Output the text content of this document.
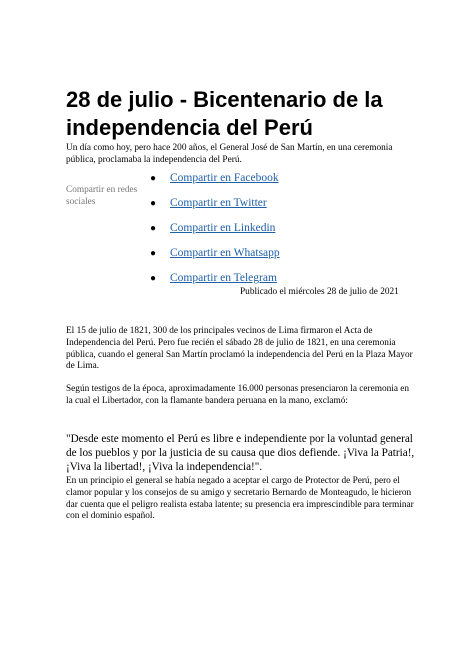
28 de julio - Bicentenario de la independencia del Perú

Un día como hoy, pero hace 200 años, el General José de San Martín, en una ceremonia pública, proclamaba la independencia del Perú.

Compartir en redes sociales

● Compartir en Facebook
● Compartir en Twitter
● Compartir en Linkedin
● Compartir en Whatsapp
● Compartir en Telegram

Publicado el miércoles 28 de julio de 2021

El 15 de julio de 1821, 300 de los principales vecinos de Lima firmaron el Acta de Independencia del Perú. Pero fue recién el sábado 28 de julio de 1821, en una ceremonia pública, cuando el general San Martín proclamó la independencia del Perú en la Plaza Mayor de Lima.

Según testigos de la época, aproximadamente 16.000 personas presenciaron la ceremonia en la cual el Libertador, con la flamante bandera peruana en la mano, exclamó:

"Desde este momento el Perú es libre e independiente por la voluntad general de los pueblos y por la justicia de su causa que dios defiende. ¡Viva la Patria!, ¡Viva la libertad!, ¡Viva la independencia!".

En un principio el general se había negado a aceptar el cargo de Protector de Perú, pero el clamor popular y los consejos de su amigo y secretario Bernardo de Monteagudo, le hicieron dar cuenta que el peligro realista estaba latente; su presencia era imprescindible para terminar con el dominio español.
